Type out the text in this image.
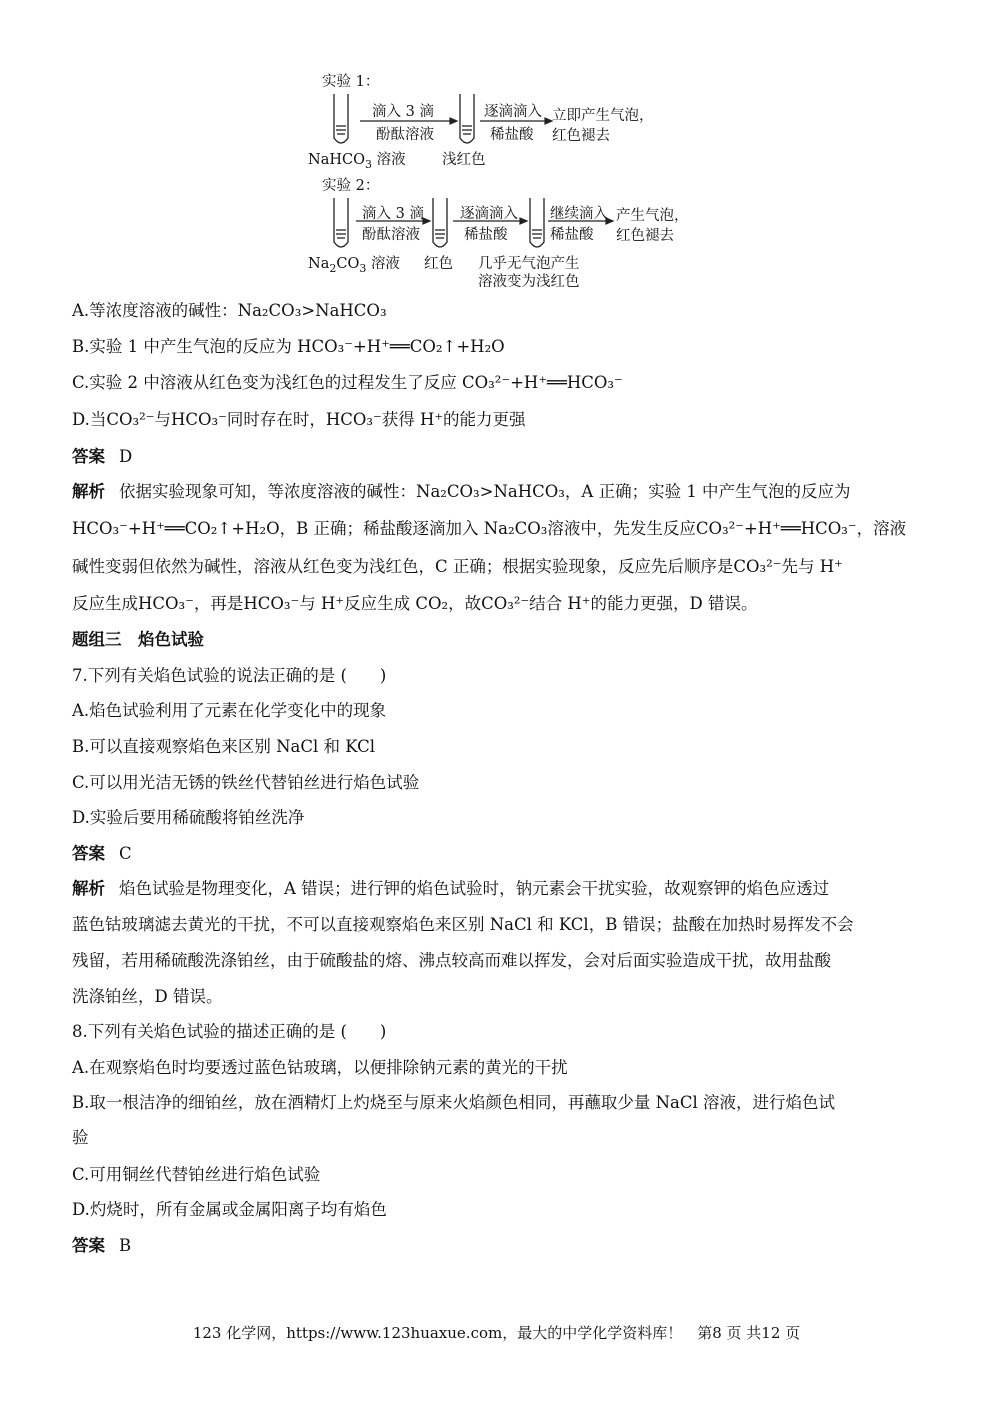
实验 1：
滴入 3 滴
酚酞溶液
逐滴滴入
稀盐酸
立即产生气泡，
红色褪去
NaHCO$_3$ 溶液	浅红色
实验 2：
滴入 3 滴
酚酞溶液
逐滴滴入
稀盐酸
继续滴入
稀盐酸
产生气泡，
红色褪去
$Na_2CO_3$ 溶液 红色 几乎无气泡产生
溶液变为浅红色
A.等浓度溶液的碱性：Na₂CO₃>NaHCO₃
B.实验 1 中产生气泡的反应为 HCO₃⁻+H⁺══CO₂↑+H₂O
C.实验 2 中溶液从红色变为浅红色的过程发生了反应 CO₃²⁻+H⁺══HCO₃⁻
D.当CO₃²⁻与HCO₃⁻同时存在时，HCO₃⁻获得 H⁺的能力更强
答案 D
解析 依据实验现象可知，等浓度溶液的碱性：Na₂CO₃>NaHCO₃，A 正确；实验 1 中产生气泡的反应为
HCO₃⁻+H⁺══CO₂↑+H₂O，B 正确；稀盐酸逐滴加入 Na₂CO₃溶液中，先发生反应CO₃²⁻+H⁺══HCO₃⁻，溶液
碱性变弱但依然为碱性，溶液从红色变为浅红色，C 正确；根据实验现象，反应先后顺序是CO₃²⁻先与 H⁺
反应生成HCO₃⁻，再是HCO₃⁻与 H⁺反应生成 CO₂，故CO₃²⁻结合 H⁺的能力更强，D 错误。
题组三　焰色试验
7.下列有关焰色试验的说法正确的是 (　　)
A.焰色试验利用了元素在化学变化中的现象
B.可以直接观察焰色来区别 NaCl 和 KCl
C.可以用光洁无锈的铁丝代替铂丝进行焰色试验
D.实验后要用稀硫酸将铂丝洗净
答案 C
解析 焰色试验是物理变化，A 错误；进行钾的焰色试验时，钠元素会干扰实验，故观察钾的焰色应透过
蓝色钴玻璃滤去黄光的干扰，不可以直接观察焰色来区别 NaCl 和 KCl，B 错误；盐酸在加热时易挥发不会
残留，若用稀硫酸洗涤铂丝，由于硫酸盐的熔、沸点较高而难以挥发，会对后面实验造成干扰，故用盐酸
洗涤铂丝，D 错误。
8.下列有关焰色试验的描述正确的是 (　　)
A.在观察焰色时均要透过蓝色钴玻璃，以便排除钠元素的黄光的干扰
B.取一根洁净的细铂丝，放在酒精灯上灼烧至与原来火焰颜色相同，再蘸取少量 NaCl 溶液，进行焰色试
验
C.可用铜丝代替铂丝进行焰色试验
D.灼烧时，所有金属或金属阳离子均有焰色
答案 B
123 化学网，https://www.123huaxue.com，最大的中学化学资料库！　第8 页 共12 页
